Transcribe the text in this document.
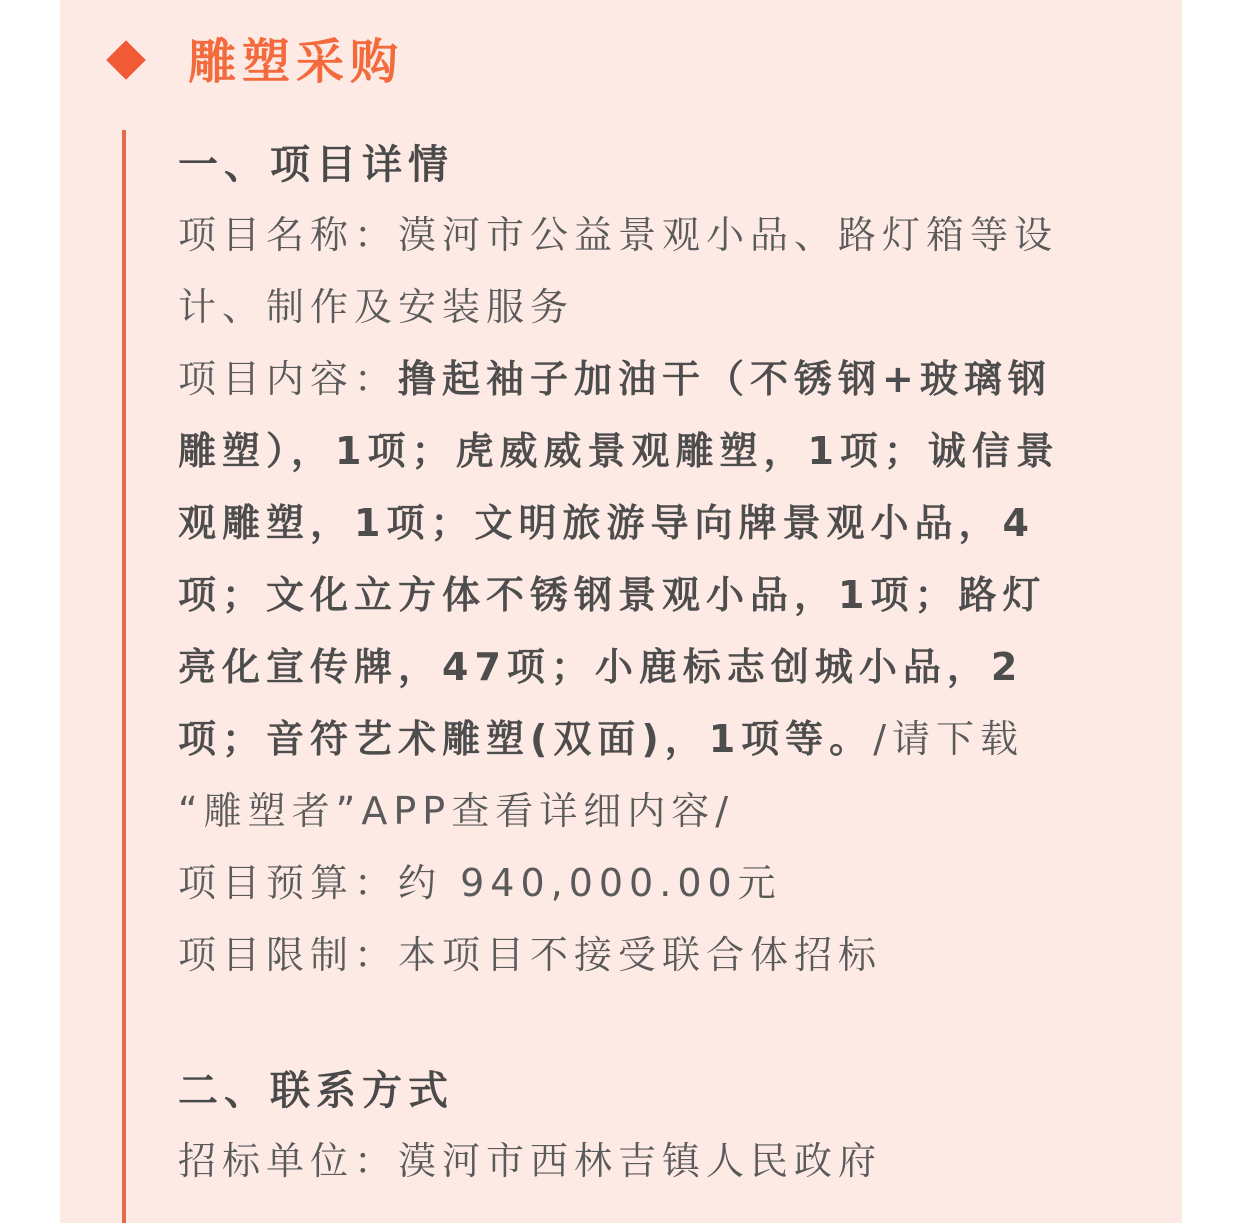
雕塑采购
一、项目详情
项目名称：漠河市公益景观小品、路灯箱等设
计、制作及安装服务
项目内容：撸起袖子加油干（不锈钢+玻璃钢
雕塑），1项；虎威威景观雕塑，1项；诚信景
观雕塑，1项；文明旅游导向牌景观小品，4
项；文化立方体不锈钢景观小品，1项；路灯
亮化宣传牌，47项；小鹿标志创城小品，2
项；音符艺术雕塑(双面)，1项等。/请下载
“雕塑者”APP查看详细内容/
项目预算：约 940,000.00元
项目限制：本项目不接受联合体招标
二、联系方式
招标单位：漠河市西林吉镇人民政府
